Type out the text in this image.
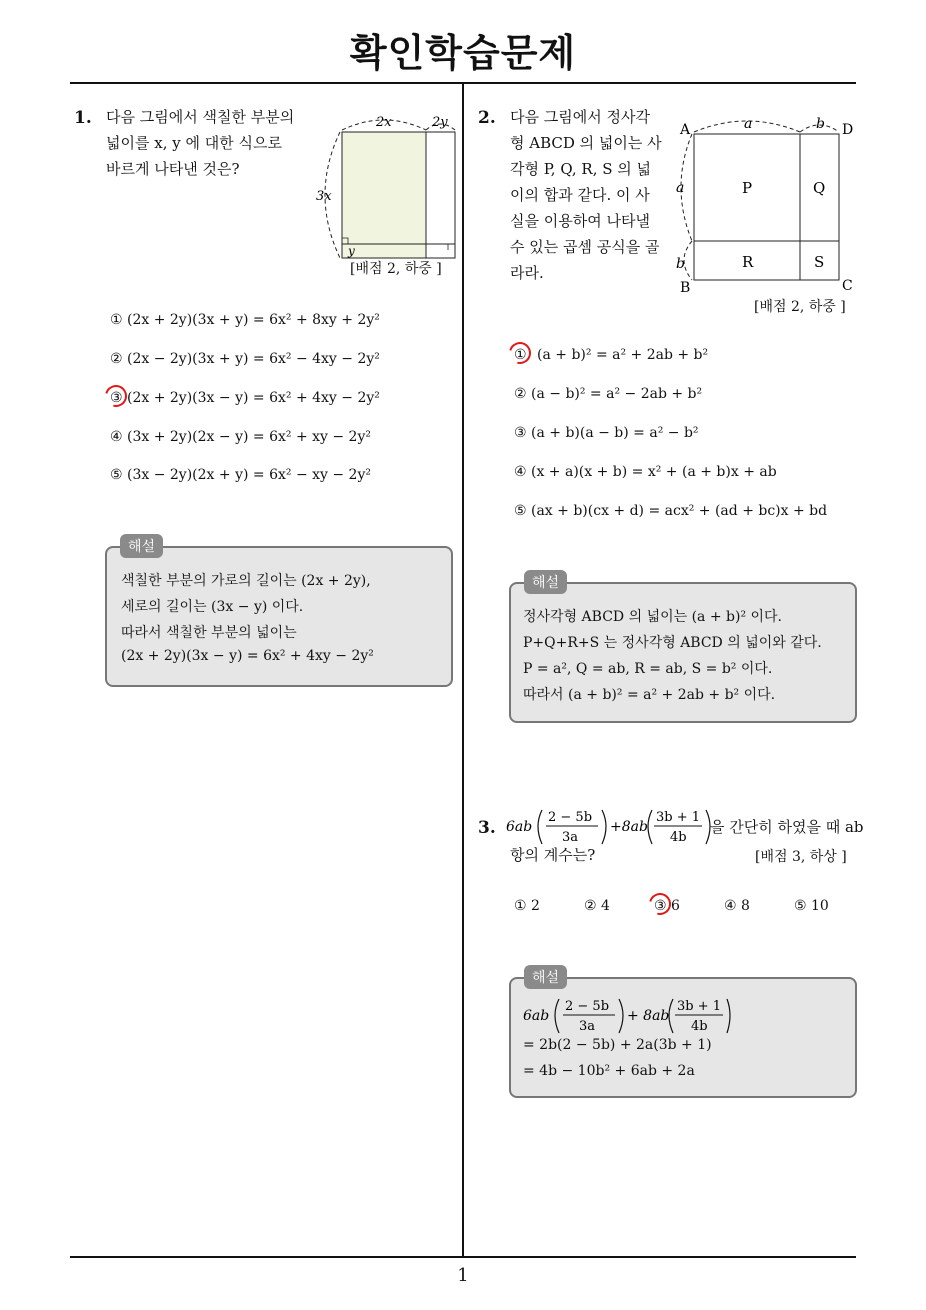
확인학습문제
1
1. 다음 그림에서 색칠한 부분의
넓이를 x, y 에 대한 식으로
바르게 나타낸 것은?
2x	2y
3x
y
[배점 2, 하중 ]
① (2x + 2y)(3x + y) = 6x² + 8xy + 2y²
② (2x − 2y)(3x + y) = 6x² − 4xy − 2y²
③ (2x + 2y)(3x − y) = 6x² + 4xy − 2y²
④ (3x + 2y)(2x − y) = 6x² + xy − 2y²
⑤ (3x − 2y)(2x + y) = 6x² − xy − 2y²
색칠한 부분의 가로의 길이는 (2x + 2y),
세로의 길이는 (3x − y) 이다.
따라서 색칠한 부분의 넓이는
(2x + 2y)(3x − y) = 6x² + 4xy − 2y²
해설
2. 다음 그림에서 정사각
형 ABCD 의 넓이는 사
각형 P, Q, R, S 의 넓
이의 합과 같다. 이 사
실을 이용하여 나타낼
수 있는 곱셈 공식을 골
라라.
A	D
B	C
a	b
a
b
P	Q
R	S
[배점 2, 하중 ]
① (a + b)² = a² + 2ab + b²
② (a − b)² = a² − 2ab + b²
③ (a + b)(a − b) = a² − b²
④ (x + a)(x + b) = x² + (a + b)x + ab
⑤ (ax + b)(cx + d) = acx² + (ad + bc)x + bd
정사각형 ABCD 의 넓이는 (a + b)² 이다.
P+Q+R+S 는 정사각형 ABCD 의 넓이와 같다.
P = a², Q = ab, R = ab, S = b² 이다.
따라서 (a + b)² = a² + 2ab + b² 이다.
해설
3. 6ab
2 − 5b
3a
+8ab
3b + 1
4b
을 간단히 하였을 때 ab
항의 계수는?	[배점 3, 하상 ]
① 2	② 4	③ 6	④ 8	⑤ 10
6ab
2 − 5b
3a
+ 8ab
3b + 1
4b
= 2b(2 − 5b) + 2a(3b + 1)
= 4b − 10b² + 6ab + 2a
해설
